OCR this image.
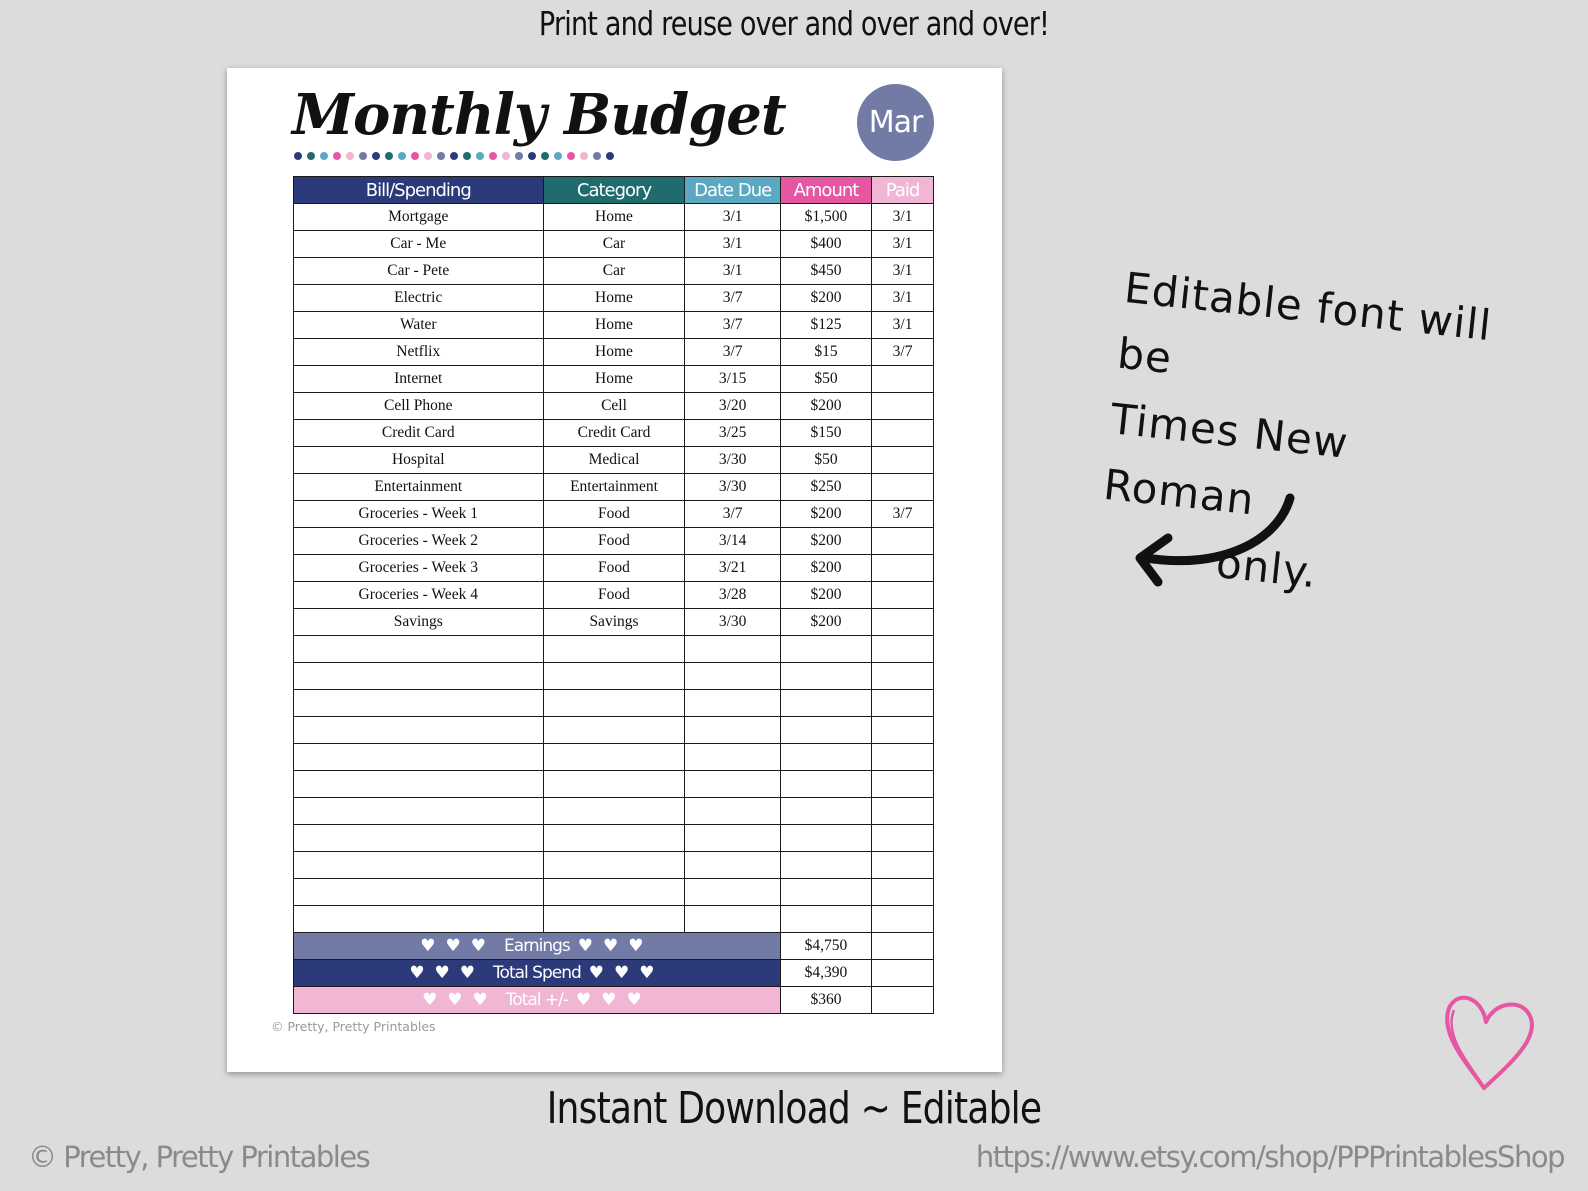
Print and reuse over and over and over!
Monthly Budget	Mar
Bill/Spending	Category	Date Due	Amount	Paid
Mortgage	Home	3/1	$1,500	3/1
Car - Me	Car	3/1	$400	3/1
Car - Pete	Car	3/1	$450	3/1
Electric	Home	3/7	$200	3/1
Water	Home	3/7	$125	3/1
Netflix	Home	3/7	$15	3/7
Internet	Home	3/15	$50	
Cell Phone	Cell	3/20	$200	
Credit Card	Credit Card	3/25	$150	
Hospital	Medical	3/30	$50	
Entertainment	Entertainment	3/30	$250	
Groceries - Week 1	Food	3/7	$200	3/7
Groceries - Week 2	Food	3/14	$200	
Groceries - Week 3	Food	3/21	$200	
Groceries - Week 4	Food	3/28	$200	
Savings	Savings	3/30	$200	

♥♥♥ Earnings ♥♥♥			$4,750	
♥♥♥ Total Spend ♥♥♥			$4,390	
♥♥♥ Total +/- ♥♥♥			$360	
© Pretty, Pretty Printables
Editable font will be
Times New Roman
only.
Instant Download ~ Editable
© Pretty, Pretty Printables	https://www.etsy.com/shop/PPPrintablesShop
